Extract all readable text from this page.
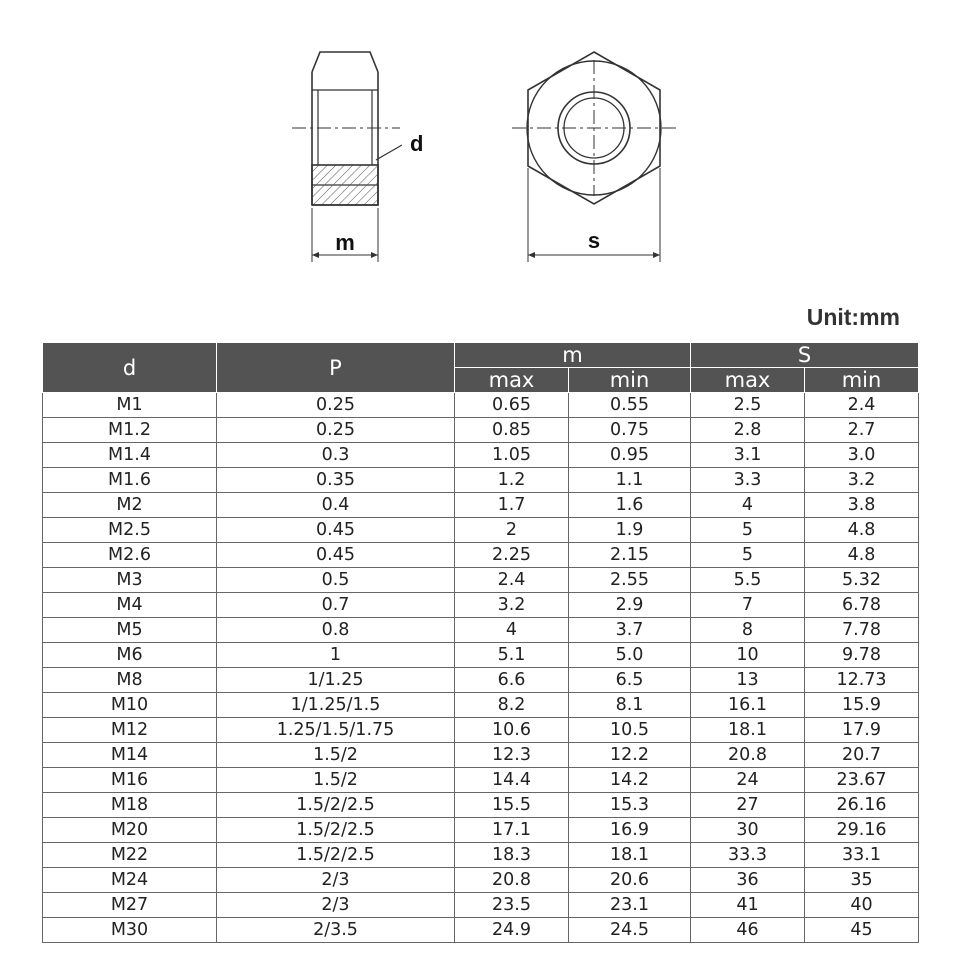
d
m	s
Unit:mm
d	P	m		S	
		max	min	max	min
M1	0.25	0.65	0.55	2.5	2.4
M1.2	0.25	0.85	0.75	2.8	2.7
M1.4	0.3	1.05	0.95	3.1	3.0
M1.6	0.35	1.2	1.1	3.3	3.2
M2	0.4	1.7	1.6	4	3.8
M2.5	0.45	2	1.9	5	4.8
M2.6	0.45	2.25	2.15	5	4.8
M3	0.5	2.4	2.55	5.5	5.32
M4	0.7	3.2	2.9	7	6.78
M5	0.8	4	3.7	8	7.78
M6	1	5.1	5.0	10	9.78
M8	1/1.25	6.6	6.5	13	12.73
M10	1/1.25/1.5	8.2	8.1	16.1	15.9
M12	1.25/1.5/1.75	10.6	10.5	18.1	17.9
M14	1.5/2	12.3	12.2	20.8	20.7
M16	1.5/2	14.4	14.2	24	23.67
M18	1.5/2/2.5	15.5	15.3	27	26.16
M20	1.5/2/2.5	17.1	16.9	30	29.16
M22	1.5/2/2.5	18.3	18.1	33.3	33.1
M24	2/3	20.8	20.6	36	35
M27	2/3	23.5	23.1	41	40
M30	2/3.5	24.9	24.5	46	45
